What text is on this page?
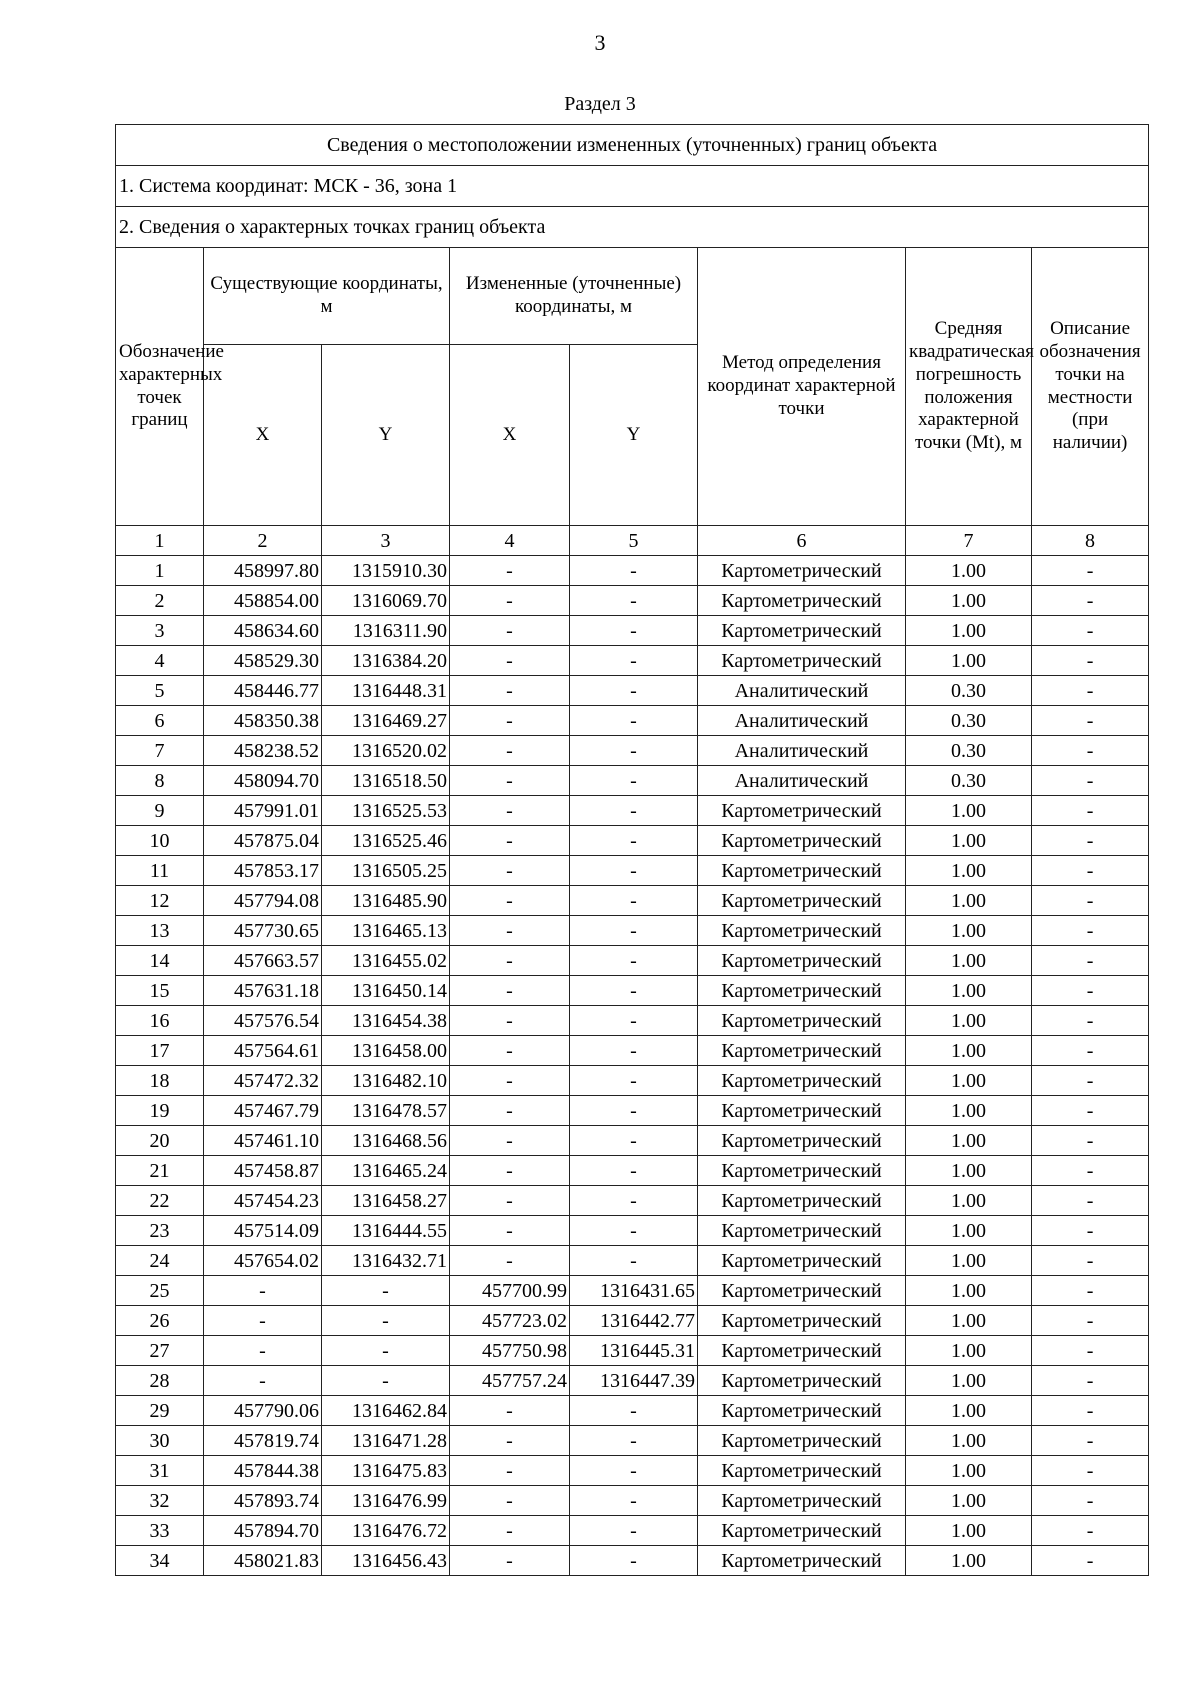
3
Раздел 3
Сведения о местоположении измененных (уточненных) границ объекта							
1. Система координат: МСК - 36, зона 1							
2. Сведения о характерных точках границ объекта							
Обозначение характерных точек границ	Существующие координаты, м		Измененные (уточненные) координаты, м		Метод определения координат характерной точки	Средняя квадратическая погрешность положения характерной точки (Mt), м	Описание обозначения точки на местности (при наличии)
	X	Y	X	Y			
1	2	3	4	5	6	7	8
1	458997.80	1315910.30	-	-	Картометрический	1.00	-
2	458854.00	1316069.70	-	-	Картометрический	1.00	-
3	458634.60	1316311.90	-	-	Картометрический	1.00	-
4	458529.30	1316384.20	-	-	Картометрический	1.00	-
5	458446.77	1316448.31	-	-	Аналитический	0.30	-
6	458350.38	1316469.27	-	-	Аналитический	0.30	-
7	458238.52	1316520.02	-	-	Аналитический	0.30	-
8	458094.70	1316518.50	-	-	Аналитический	0.30	-
9	457991.01	1316525.53	-	-	Картометрический	1.00	-
10	457875.04	1316525.46	-	-	Картометрический	1.00	-
11	457853.17	1316505.25	-	-	Картометрический	1.00	-
12	457794.08	1316485.90	-	-	Картометрический	1.00	-
13	457730.65	1316465.13	-	-	Картометрический	1.00	-
14	457663.57	1316455.02	-	-	Картометрический	1.00	-
15	457631.18	1316450.14	-	-	Картометрический	1.00	-
16	457576.54	1316454.38	-	-	Картометрический	1.00	-
17	457564.61	1316458.00	-	-	Картометрический	1.00	-
18	457472.32	1316482.10	-	-	Картометрический	1.00	-
19	457467.79	1316478.57	-	-	Картометрический	1.00	-
20	457461.10	1316468.56	-	-	Картометрический	1.00	-
21	457458.87	1316465.24	-	-	Картометрический	1.00	-
22	457454.23	1316458.27	-	-	Картометрический	1.00	-
23	457514.09	1316444.55	-	-	Картометрический	1.00	-
24	457654.02	1316432.71	-	-	Картометрический	1.00	-
25	-	-	457700.99	1316431.65	Картометрический	1.00	-
26	-	-	457723.02	1316442.77	Картометрический	1.00	-
27	-	-	457750.98	1316445.31	Картометрический	1.00	-
28	-	-	457757.24	1316447.39	Картометрический	1.00	-
29	457790.06	1316462.84	-	-	Картометрический	1.00	-
30	457819.74	1316471.28	-	-	Картометрический	1.00	-
31	457844.38	1316475.83	-	-	Картометрический	1.00	-
32	457893.74	1316476.99	-	-	Картометрический	1.00	-
33	457894.70	1316476.72	-	-	Картометрический	1.00	-
34	458021.83	1316456.43	-	-	Картометрический	1.00	-
